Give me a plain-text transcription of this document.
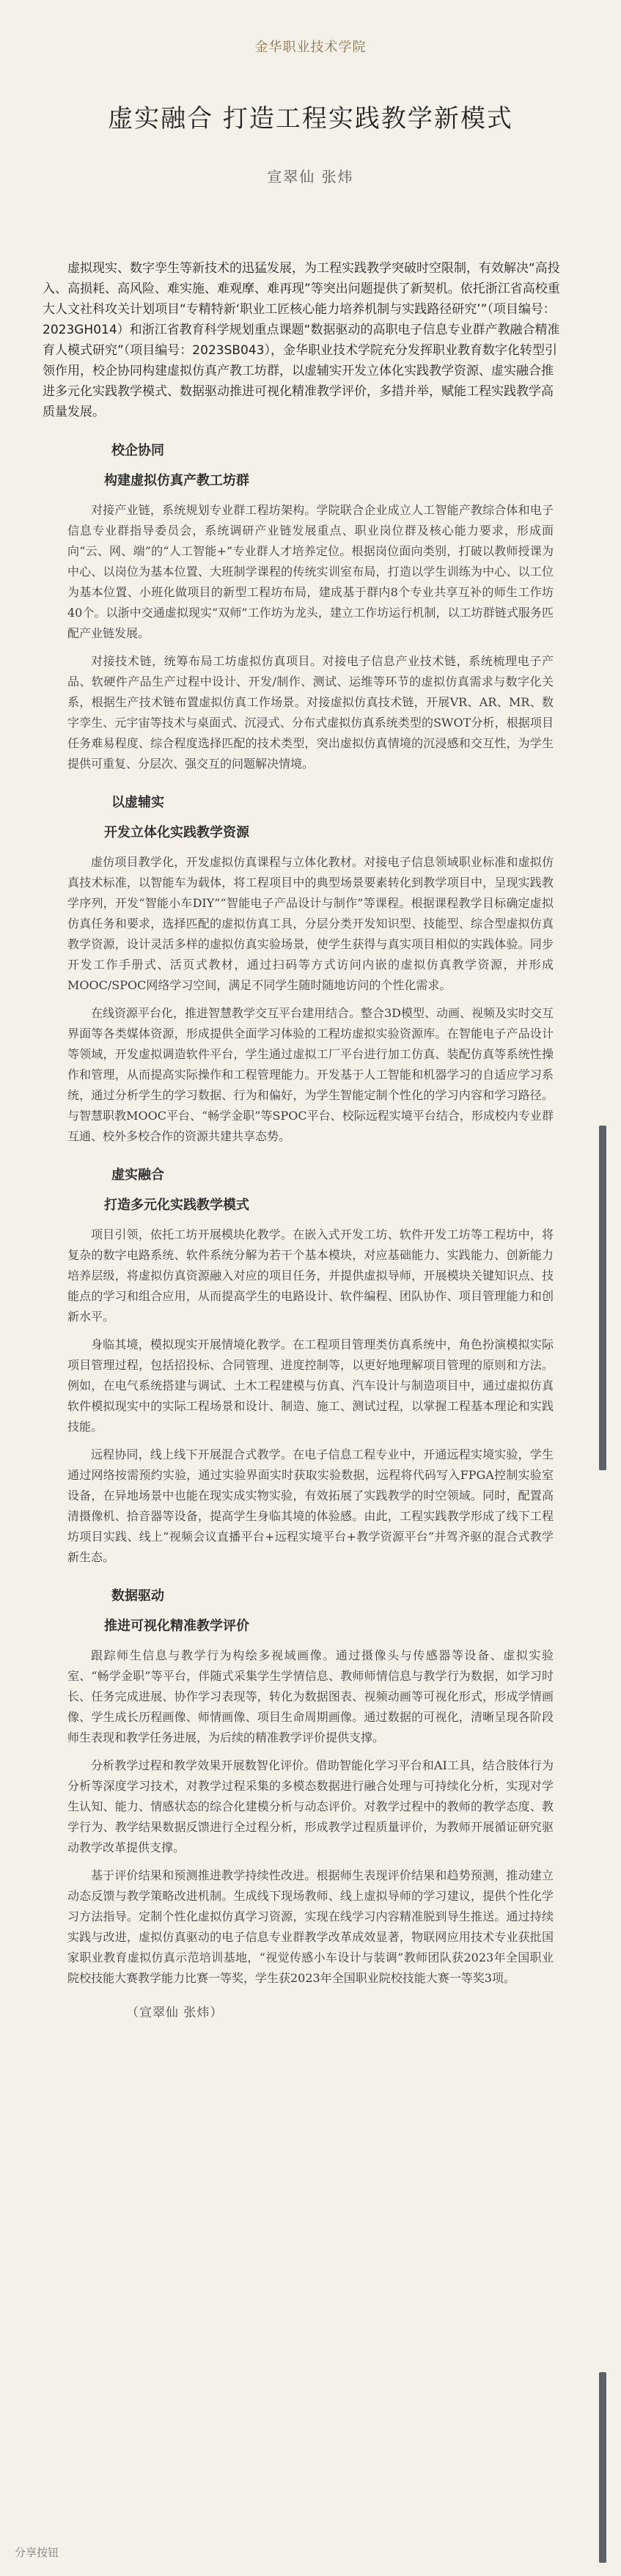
金华职业技术学院
虚实融合 打造工程实践教学新模式
宣翠仙 张炜
虚拟现实、数字孪生等新技术的迅猛发展，为工程实践教学突破时空限制，有效解决“高投入、高损耗、高风险、难实施、难观摩、难再现”等突出问题提供了新契机。依托浙江省高校重大人文社科攻关计划项目“专精特新‘职业工匠核心能力培养机制与实践路径研究’”（项目编号：2023GH014）和浙江省教育科学规划重点课题“数据驱动的高职电子信息专业群产教融合精准育人模式研究”（项目编号：2023SB043），金华职业技术学院充分发挥职业教育数字化转型引领作用，校企协同构建虚拟仿真产教工坊群，以虚辅实开发立体化实践教学资源、虚实融合推进多元化实践教学模式、数据驱动推进可视化精准教学评价，多措并举，赋能工程实践教学高质量发展。
校企协同
构建虚拟仿真产教工坊群

对接产业链，系统规划专业群工程坊架构。学院联合企业成立人工智能产教综合体和电子信息专业群指导委员会，系统调研产业链发展重点、职业岗位群及核心能力要求，形成面向“云、网、端”的“人工智能+”专业群人才培养定位。根据岗位面向类别，打破以教师授课为中心、以岗位为基本位置、大班制学课程的传统实训室布局，打造以学生训练为中心、以工位为基本位置、小班化做项目的新型工程坊布局，建成基于群内8个专业共享互补的师生工作坊40个。以浙中交通虚拟现实“双师”工作坊为龙头，建立工作坊运行机制，以工坊群链式服务匹配产业链发展。

对接技术链，统筹布局工坊虚拟仿真项目。对接电子信息产业技术链，系统梳理电子产品、软硬件产品生产过程中设计、开发/制作、测试、运维等环节的虚拟仿真需求与数字化关系，根据生产技术链布置虚拟仿真工作场景。对接虚拟仿真技术链，开展VR、AR、MR、数字孪生、元宇宙等技术与桌面式、沉浸式、分布式虚拟仿真系统类型的SWOT分析，根据项目任务难易程度、综合程度选择匹配的技术类型，突出虚拟仿真情境的沉浸感和交互性，为学生提供可重复、分层次、强交互的问题解决情境。

以虚辅实
开发立体化实践教学资源

虚仿项目教学化，开发虚拟仿真课程与立体化教材。对接电子信息领域职业标准和虚拟仿真技术标准，以智能车为载体，将工程项目中的典型场景要素转化到教学项目中，呈现实践教学序列，开发“智能小车DIY”“智能电子产品设计与制作”等课程。根据课程教学目标确定虚拟仿真任务和要求，选择匹配的虚拟仿真工具，分层分类开发知识型、技能型、综合型虚拟仿真教学资源，设计灵活多样的虚拟仿真实验场景，使学生获得与真实项目相似的实践体验。同步开发工作手册式、活页式教材，通过扫码等方式访问内嵌的虚拟仿真教学资源，并形成MOOC/SPOC网络学习空间，满足不同学生随时随地访问的个性化需求。

在线资源平台化，推进智慧教学交互平台建用结合。整合3D模型、动画、视频及实时交互界面等各类媒体资源，形成提供全面学习体验的工程坊虚拟实验资源库。在智能电子产品设计等领域，开发虚拟调造软件平台，学生通过虚拟工厂平台进行加工仿真、装配仿真等系统性操作和管理，从而提高实际操作和工程管理能力。开发基于人工智能和机器学习的自适应学习系统，通过分析学生的学习数据、行为和偏好，为学生智能定制个性化的学习内容和学习路径。与智慧职教MOOC平台、“畅学金职”等SPOC平台、校际远程实境平台结合，形成校内专业群互通、校外多校合作的资源共建共享态势。

虚实融合
打造多元化实践教学模式

项目引领，依托工坊开展模块化教学。在嵌入式开发工坊、软件开发工坊等工程坊中，将复杂的数字电路系统、软件系统分解为若干个基本模块，对应基础能力、实践能力、创新能力培养层级，将虚拟仿真资源融入对应的项目任务，并提供虚拟导师，开展模块关键知识点、技能点的学习和组合应用，从而提高学生的电路设计、软件编程、团队协作、项目管理能力和创新水平。

身临其境，模拟现实开展情境化教学。在工程项目管理类仿真系统中，角色扮演模拟实际项目管理过程，包括招投标、合同管理、进度控制等，以更好地理解项目管理的原则和方法。例如，在电气系统搭建与调试、土木工程建模与仿真、汽车设计与制造项目中，通过虚拟仿真软件模拟现实中的实际工程场景和设计、制造、施工、测试过程，以掌握工程基本理论和实践技能。

远程协同，线上线下开展混合式教学。在电子信息工程专业中，开通远程实境实验，学生通过网络按需预约实验，通过实验界面实时获取实验数据，远程将代码写入FPGA控制实验室设备，在异地场景中也能在现实成实物实验，有效拓展了实践教学的时空领域。同时，配置高清摄像机、拾音器等设备，提高学生身临其境的体验感。由此，工程实践教学形成了线下工程坊项目实践、线上“视频会议直播平台+远程实境平台+教学资源平台”并驾齐驱的混合式教学新生态。

数据驱动
推进可视化精准教学评价

跟踪师生信息与教学行为构绘多视域画像。通过摄像头与传感器等设备、虚拟实验室、“畅学金职”等平台，伴随式采集学生学情信息、教师师情信息与教学行为数据，如学习时长、任务完成进展、协作学习表现等，转化为数据图表、视频动画等可视化形式，形成学情画像、学生成长历程画像、师情画像、项目生命周期画像。通过数据的可视化，清晰呈现各阶段师生表现和教学任务进展，为后续的精准教学评价提供支撑。

分析教学过程和教学效果开展数智化评价。借助智能化学习平台和AI工具，结合肢体行为分析等深度学习技术，对教学过程采集的多模态数据进行融合处理与可持续化分析，实现对学生认知、能力、情感状态的综合化建模分析与动态评价。对教学过程中的教师的教学态度、教学行为、教学结果数据反馈进行全过程分析，形成教学过程质量评价，为教师开展循证研究驱动教学改革提供支撑。

基于评价结果和预测推进教学持续性改进。根据师生表现评价结果和趋势预测，推动建立动态反馈与教学策略改进机制。生成线下现场教师、线上虚拟导师的学习建议，提供个性化学习方法指导。定制个性化虚拟仿真学习资源，实现在线学习内容精准脱到导生推送。通过持续实践与改进，虚拟仿真驱动的电子信息专业群教学改革成效显著，物联网应用技术专业获批国家职业教育虚拟仿真示范培训基地，“视觉传感小车设计与装调”教师团队获2023年全国职业院校技能大赛教学能力比赛一等奖，学生获2023年全国职业院校技能大赛一等奖3项。

（宣翠仙 张炜）
分享按钮
